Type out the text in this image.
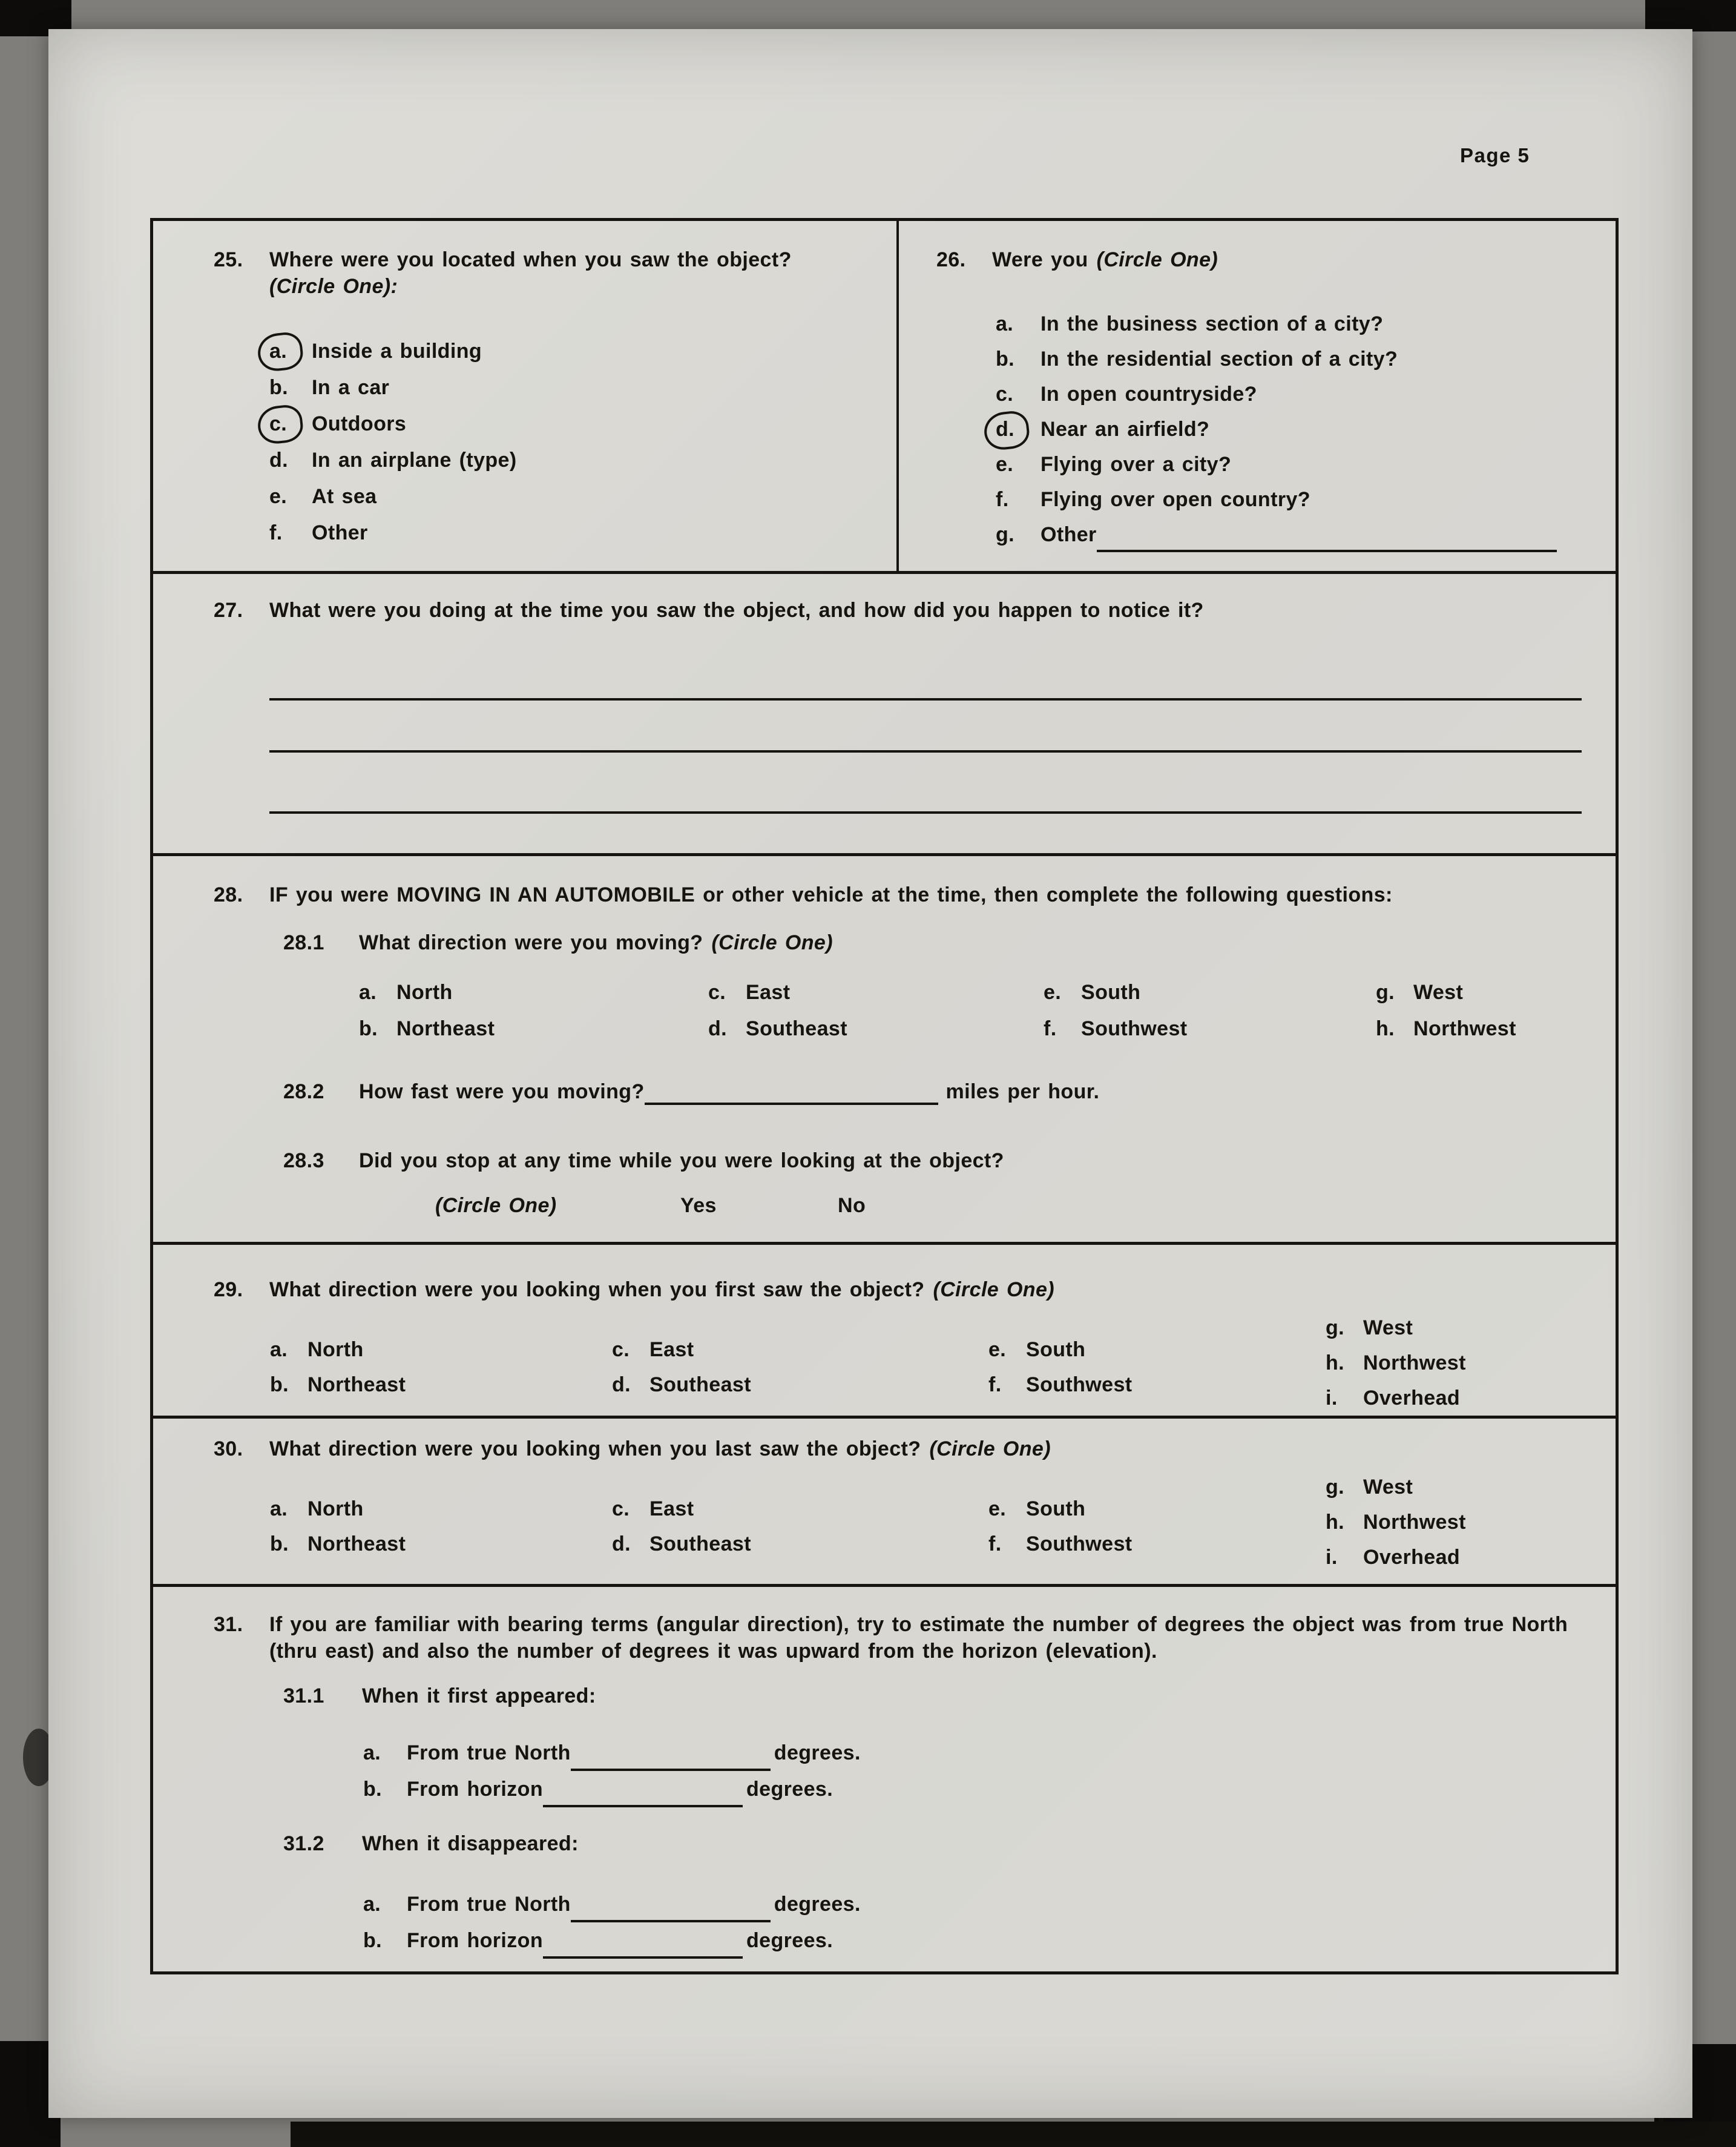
Page 5
25.	Where were you located when you saw the object?
(Circle One):
a.	Inside a building
b.	In a car
c.	Outdoors
d.	In an airplane (type)
e.	At sea
f.	Other
26.	Were you (Circle One)
a.	In the business section of a city?
b.	In the residential section of a city?
c.	In open countryside?
d.	Near an airfield?
e.	Flying over a city?
f.	Flying over open country?
g.	Other
27.	What were you doing at the time you saw the object, and how did you happen to notice it?
28.	IF you were MOVING IN AN AUTOMOBILE or other vehicle at the time, then complete the following questions:
28.1	What direction were you moving? (Circle One)
a. North	c. East	e. South	g. West
b. Northeast	d. Southeast	f.	Southwest	h. Northwest
28.2	How fast were you moving?	miles per hour.
28.3	Did you stop at any time while you were looking at the object?
(Circle One)	Yes	No
29.	What direction were you looking when you first saw the object? (Circle One)
a. North
b. Northeast
c. East
d. Southeast
e. South
f.	Southwest
g. West
h. Northwest
i.	Overhead
30.	What direction were you looking when you last saw the object? (Circle One)
a. North
b. Northeast
c. East
d. Southeast
e. South
f.	Southwest
g. West
h. Northwest
i.	Overhead
31.	If you are familiar with bearing terms (angular direction), try to estimate the number of degrees the object was from true North (thru east) and also the number of degrees it was upward from the horizon (elevation).
31.1	When it first appeared:
a.	From true North	degrees.
b.	From horizon	degrees.
31.2	When it disappeared:
a.	From true North	degrees.
b.	From horizon	degrees.
